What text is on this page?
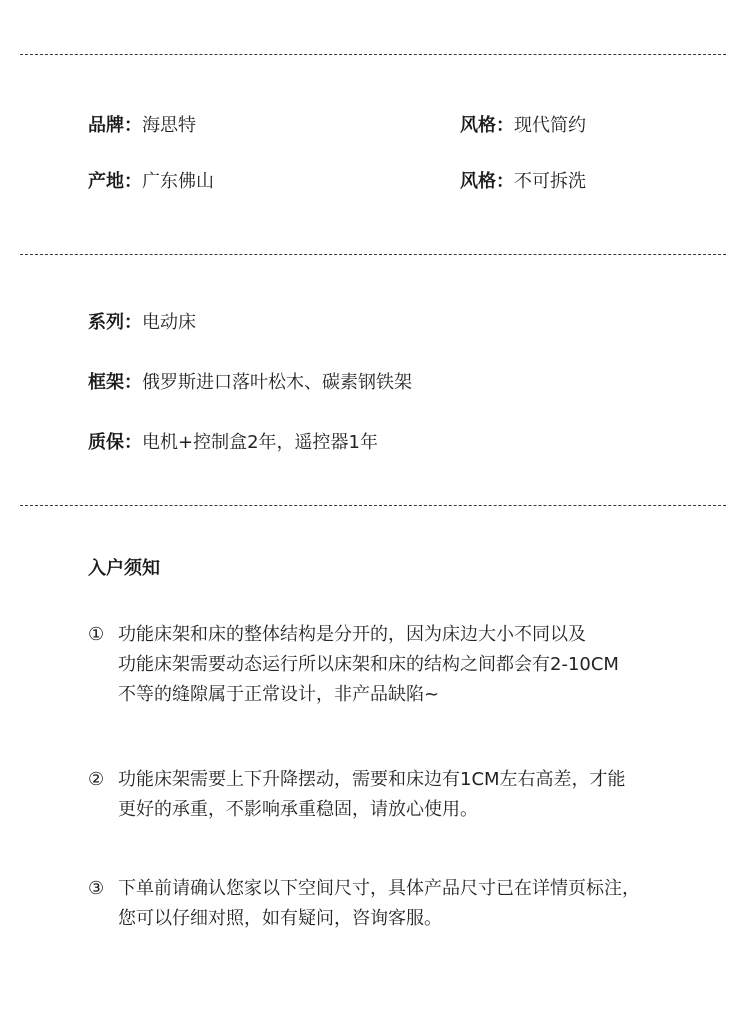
品牌：海思特	风格：现代简约
产地：广东佛山	风格：不可拆洗
系列：电动床
框架：俄罗斯进口落叶松木、碳素钢铁架
质保：电机+控制盒2年，遥控器1年
入户须知
① 功能床架和床的整体结构是分开的，因为床边大小不同以及
功能床架需要动态运行所以床架和床的结构之间都会有2-10CM
不等的缝隙属于正常设计，非产品缺陷~
② 功能床架需要上下升降摆动，需要和床边有1CM左右高差，才能
更好的承重，不影响承重稳固，请放心使用。
③ 下单前请确认您家以下空间尺寸，具体产品尺寸已在详情页标注，
您可以仔细对照，如有疑问，咨询客服。
